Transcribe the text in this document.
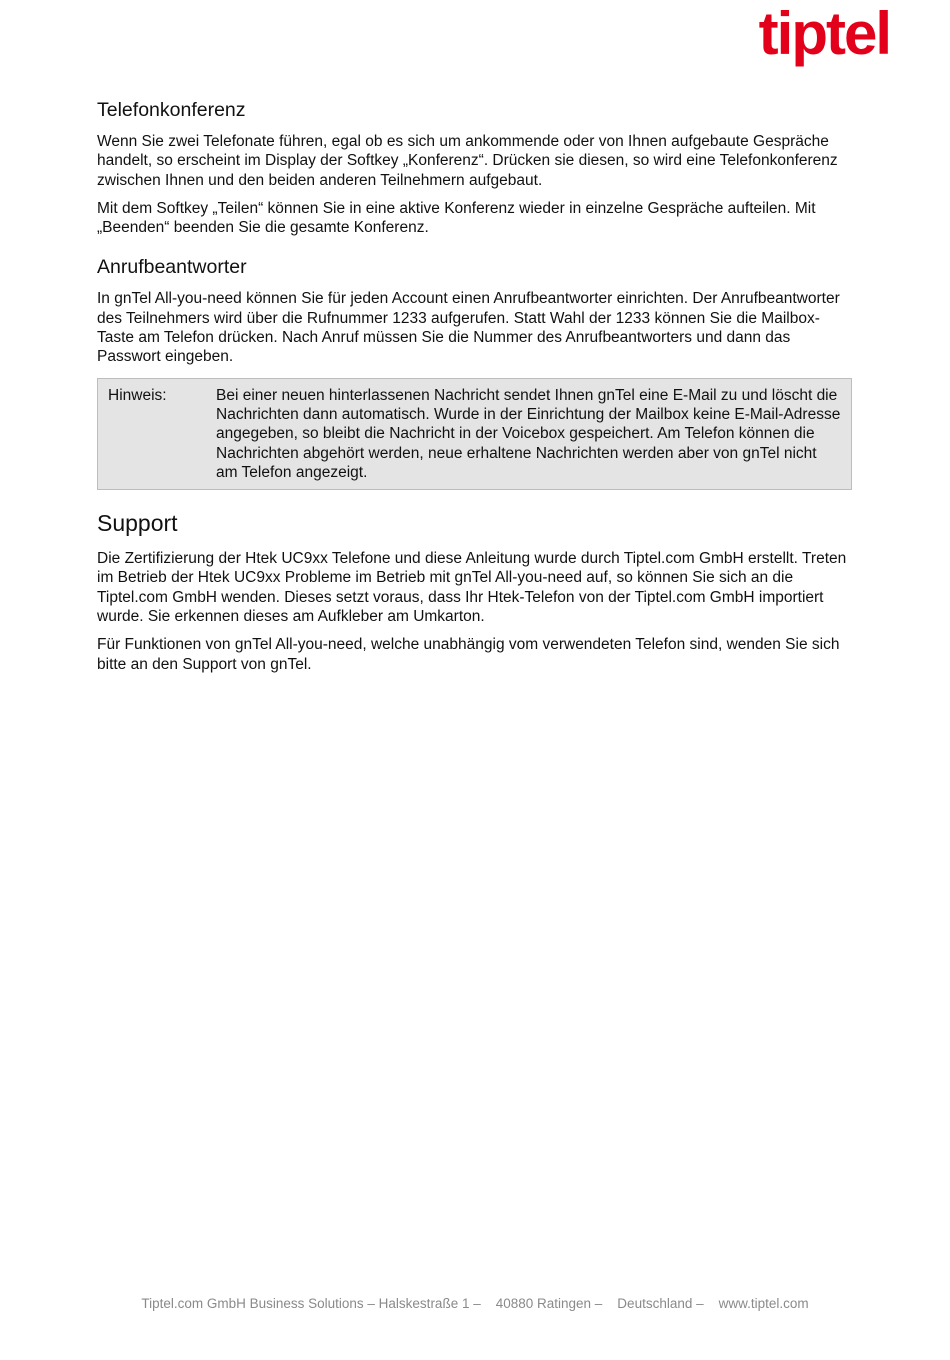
tiptel
Telefonkonferenz

Wenn Sie zwei Telefonate führen, egal ob es sich um ankommende oder von Ihnen aufgebaute Gespräche handelt, so erscheint im Display der Softkey „Konferenz“. Drücken sie diesen, so wird eine Telefonkonferenz zwischen Ihnen und den beiden anderen Teilnehmern aufgebaut.

Mit dem Softkey „Teilen“ können Sie in eine aktive Konferenz wieder in einzelne Gespräche aufteilen. Mit „Beenden“ beenden Sie die gesamte Konferenz.

Anrufbeantworter

In gnTel All-you-need können Sie für jeden Account einen Anrufbeantworter einrichten. Der Anrufbeantworter des Teilnehmers wird über die Rufnummer 1233 aufgerufen. Statt Wahl der 1233 können Sie die Mailbox-Taste am Telefon drücken. Nach Anruf müssen Sie die Nummer des Anrufbeantworters und dann das Passwort eingeben.

Hinweis:	Bei einer neuen hinterlassenen Nachricht sendet Ihnen gnTel eine E-Mail zu und löscht die Nachrichten dann automatisch. Wurde in der Einrichtung der Mailbox keine E-Mail-Adresse angegeben, so bleibt die Nachricht in der Voicebox gespeichert. Am Telefon können die Nachrichten abgehört werden, neue erhaltene Nachrichten werden aber von gnTel nicht am Telefon angezeigt.
Support

Die Zertifizierung der Htek UC9xx Telefone und diese Anleitung wurde durch Tiptel.com GmbH erstellt. Treten im Betrieb der Htek UC9xx Probleme im Betrieb mit gnTel All-you-need auf, so können Sie sich an die Tiptel.com GmbH wenden. Dieses setzt voraus, dass Ihr Htek-Telefon von der Tiptel.com GmbH importiert wurde. Sie erkennen dieses am Aufkleber am Umkarton.

Für Funktionen von gnTel All-you-need, welche unabhängig vom verwendeten Telefon sind, wenden Sie sich bitte an den Support von gnTel.

Tiptel.com GmbH Business Solutions – Halskestraße 1 –    40880 Ratingen –    Deutschland –    www.tiptel.com
